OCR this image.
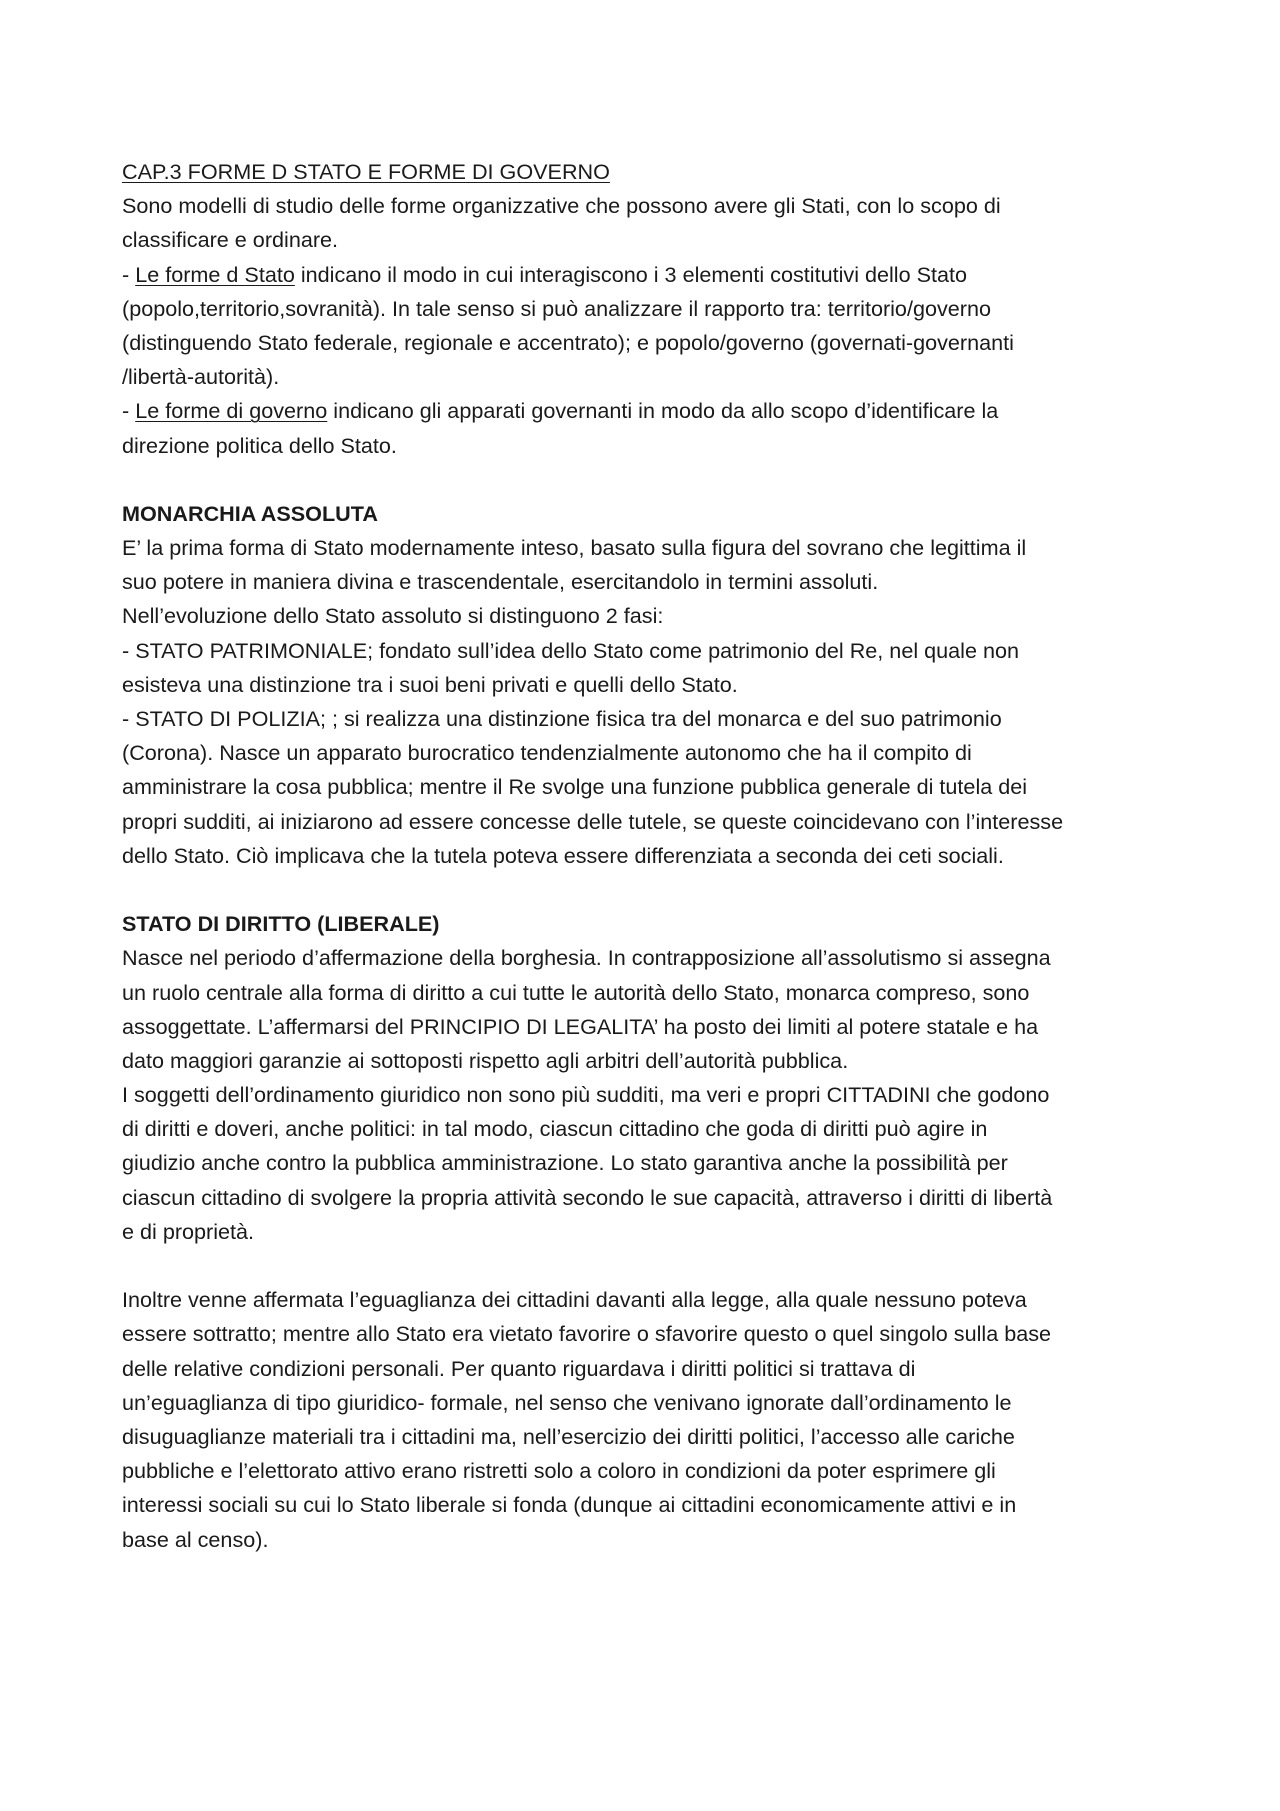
CAP.3 FORME D STATO E FORME DI GOVERNO
Sono modelli di studio delle forme organizzative che possono avere gli Stati, con lo scopo di
classificare e ordinare.
- Le forme d Stato indicano il modo in cui interagiscono i 3 elementi costitutivi dello Stato
(popolo,territorio,sovranità). In tale senso si può analizzare il rapporto tra: territorio/governo
(distinguendo Stato federale, regionale e accentrato); e popolo/governo (governati-governanti
/libertà-autorità).
- Le forme di governo indicano gli apparati governanti in modo da allo scopo d’identificare la
direzione politica dello Stato.
MONARCHIA ASSOLUTA
E’ la prima forma di Stato modernamente inteso, basato sulla figura del sovrano che legittima il
suo potere in maniera divina e trascendentale, esercitandolo in termini assoluti.
Nell’evoluzione dello Stato assoluto si distinguono 2 fasi:
- STATO PATRIMONIALE; fondato sull’idea dello Stato come patrimonio del Re, nel quale non
esisteva una distinzione tra i suoi beni privati e quelli dello Stato.
- STATO DI POLIZIA; ; si realizza una distinzione fisica tra del monarca e del suo patrimonio
(Corona). Nasce un apparato burocratico tendenzialmente autonomo che ha il compito di
amministrare la cosa pubblica; mentre il Re svolge una funzione pubblica generale di tutela dei
propri sudditi, ai iniziarono ad essere concesse delle tutele, se queste coincidevano con l’interesse
dello Stato. Ciò implicava che la tutela poteva essere differenziata a seconda dei ceti sociali.
STATO DI DIRITTO (LIBERALE)
Nasce nel periodo d’affermazione della borghesia. In contrapposizione all’assolutismo si assegna
un ruolo centrale alla forma di diritto a cui tutte le autorità dello Stato, monarca compreso, sono
assoggettate. L’affermarsi del PRINCIPIO DI LEGALITA’ ha posto dei limiti al potere statale e ha
dato maggiori garanzie ai sottoposti rispetto agli arbitri dell’autorità pubblica.
I soggetti dell’ordinamento giuridico non sono più sudditi, ma veri e propri CITTADINI che godono
di diritti e doveri, anche politici: in tal modo, ciascun cittadino che goda di diritti può agire in
giudizio anche contro la pubblica amministrazione. Lo stato garantiva anche la possibilità per
ciascun cittadino di svolgere la propria attività secondo le sue capacità, attraverso i diritti di libertà
e di proprietà.
Inoltre venne affermata l’eguaglianza dei cittadini davanti alla legge, alla quale nessuno poteva
essere sottratto; mentre allo Stato era vietato favorire o sfavorire questo o quel singolo sulla base
delle relative condizioni personali. Per quanto riguardava i diritti politici si trattava di
un’eguaglianza di tipo giuridico- formale, nel senso che venivano ignorate dall’ordinamento le
disuguaglianze materiali tra i cittadini ma, nell’esercizio dei diritti politici, l’accesso alle cariche
pubbliche e l’elettorato attivo erano ristretti solo a coloro in condizioni da poter esprimere gli
interessi sociali su cui lo Stato liberale si fonda (dunque ai cittadini economicamente attivi e in
base al censo).
